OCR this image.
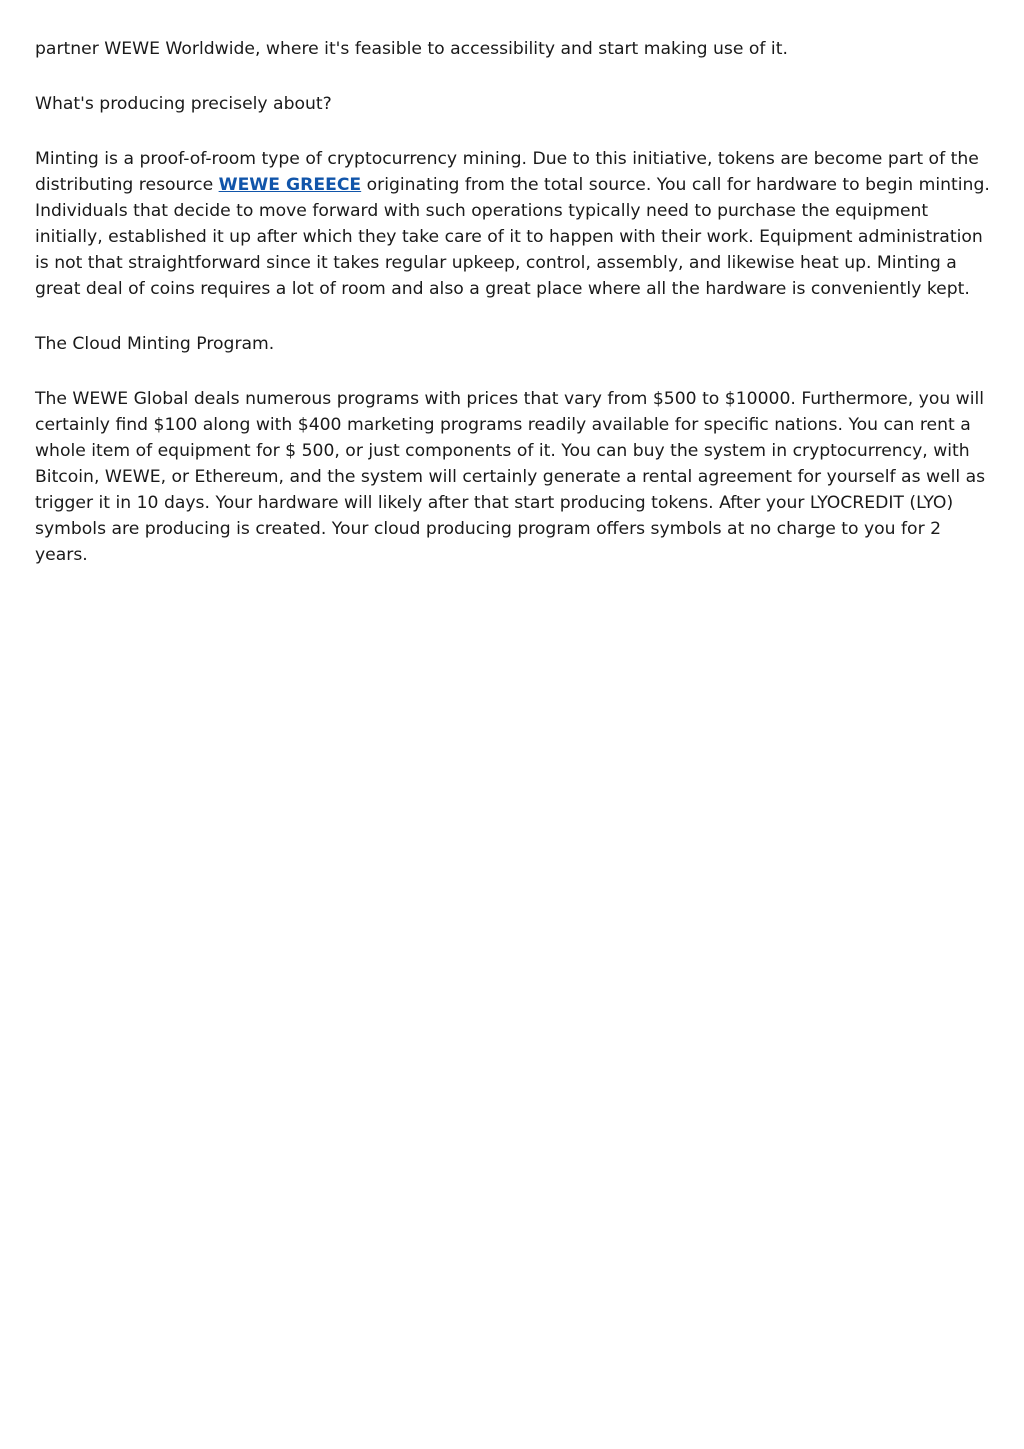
partner WEWE Worldwide, where it's feasible to accessibility and start making use of it.

What's producing precisely about?

Minting is a proof-of-room type of cryptocurrency mining. Due to this initiative, tokens are become part of the distributing resource WEWE GREECE originating from the total source. You call for hardware to begin minting. Individuals that decide to move forward with such operations typically need to purchase the equipment initially, established it up after which they take care of it to happen with their work. Equipment administration is not that straightforward since it takes regular upkeep, control, assembly, and likewise heat up. Minting a great deal of coins requires a lot of room and also a great place where all the hardware is conveniently kept.

The Cloud Minting Program.

The WEWE Global deals numerous programs with prices that vary from $500 to $10000. Furthermore, you will certainly find $100 along with $400 marketing programs readily available for specific nations. You can rent a whole item of equipment for $ 500, or just components of it. You can buy the system in cryptocurrency, with Bitcoin, WEWE, or Ethereum, and the system will certainly generate a rental agreement for yourself as well as trigger it in 10 days. Your hardware will likely after that start producing tokens. After your LYOCREDIT (LYO) symbols are producing is created. Your cloud producing program offers symbols at no charge to you for 2 years.
